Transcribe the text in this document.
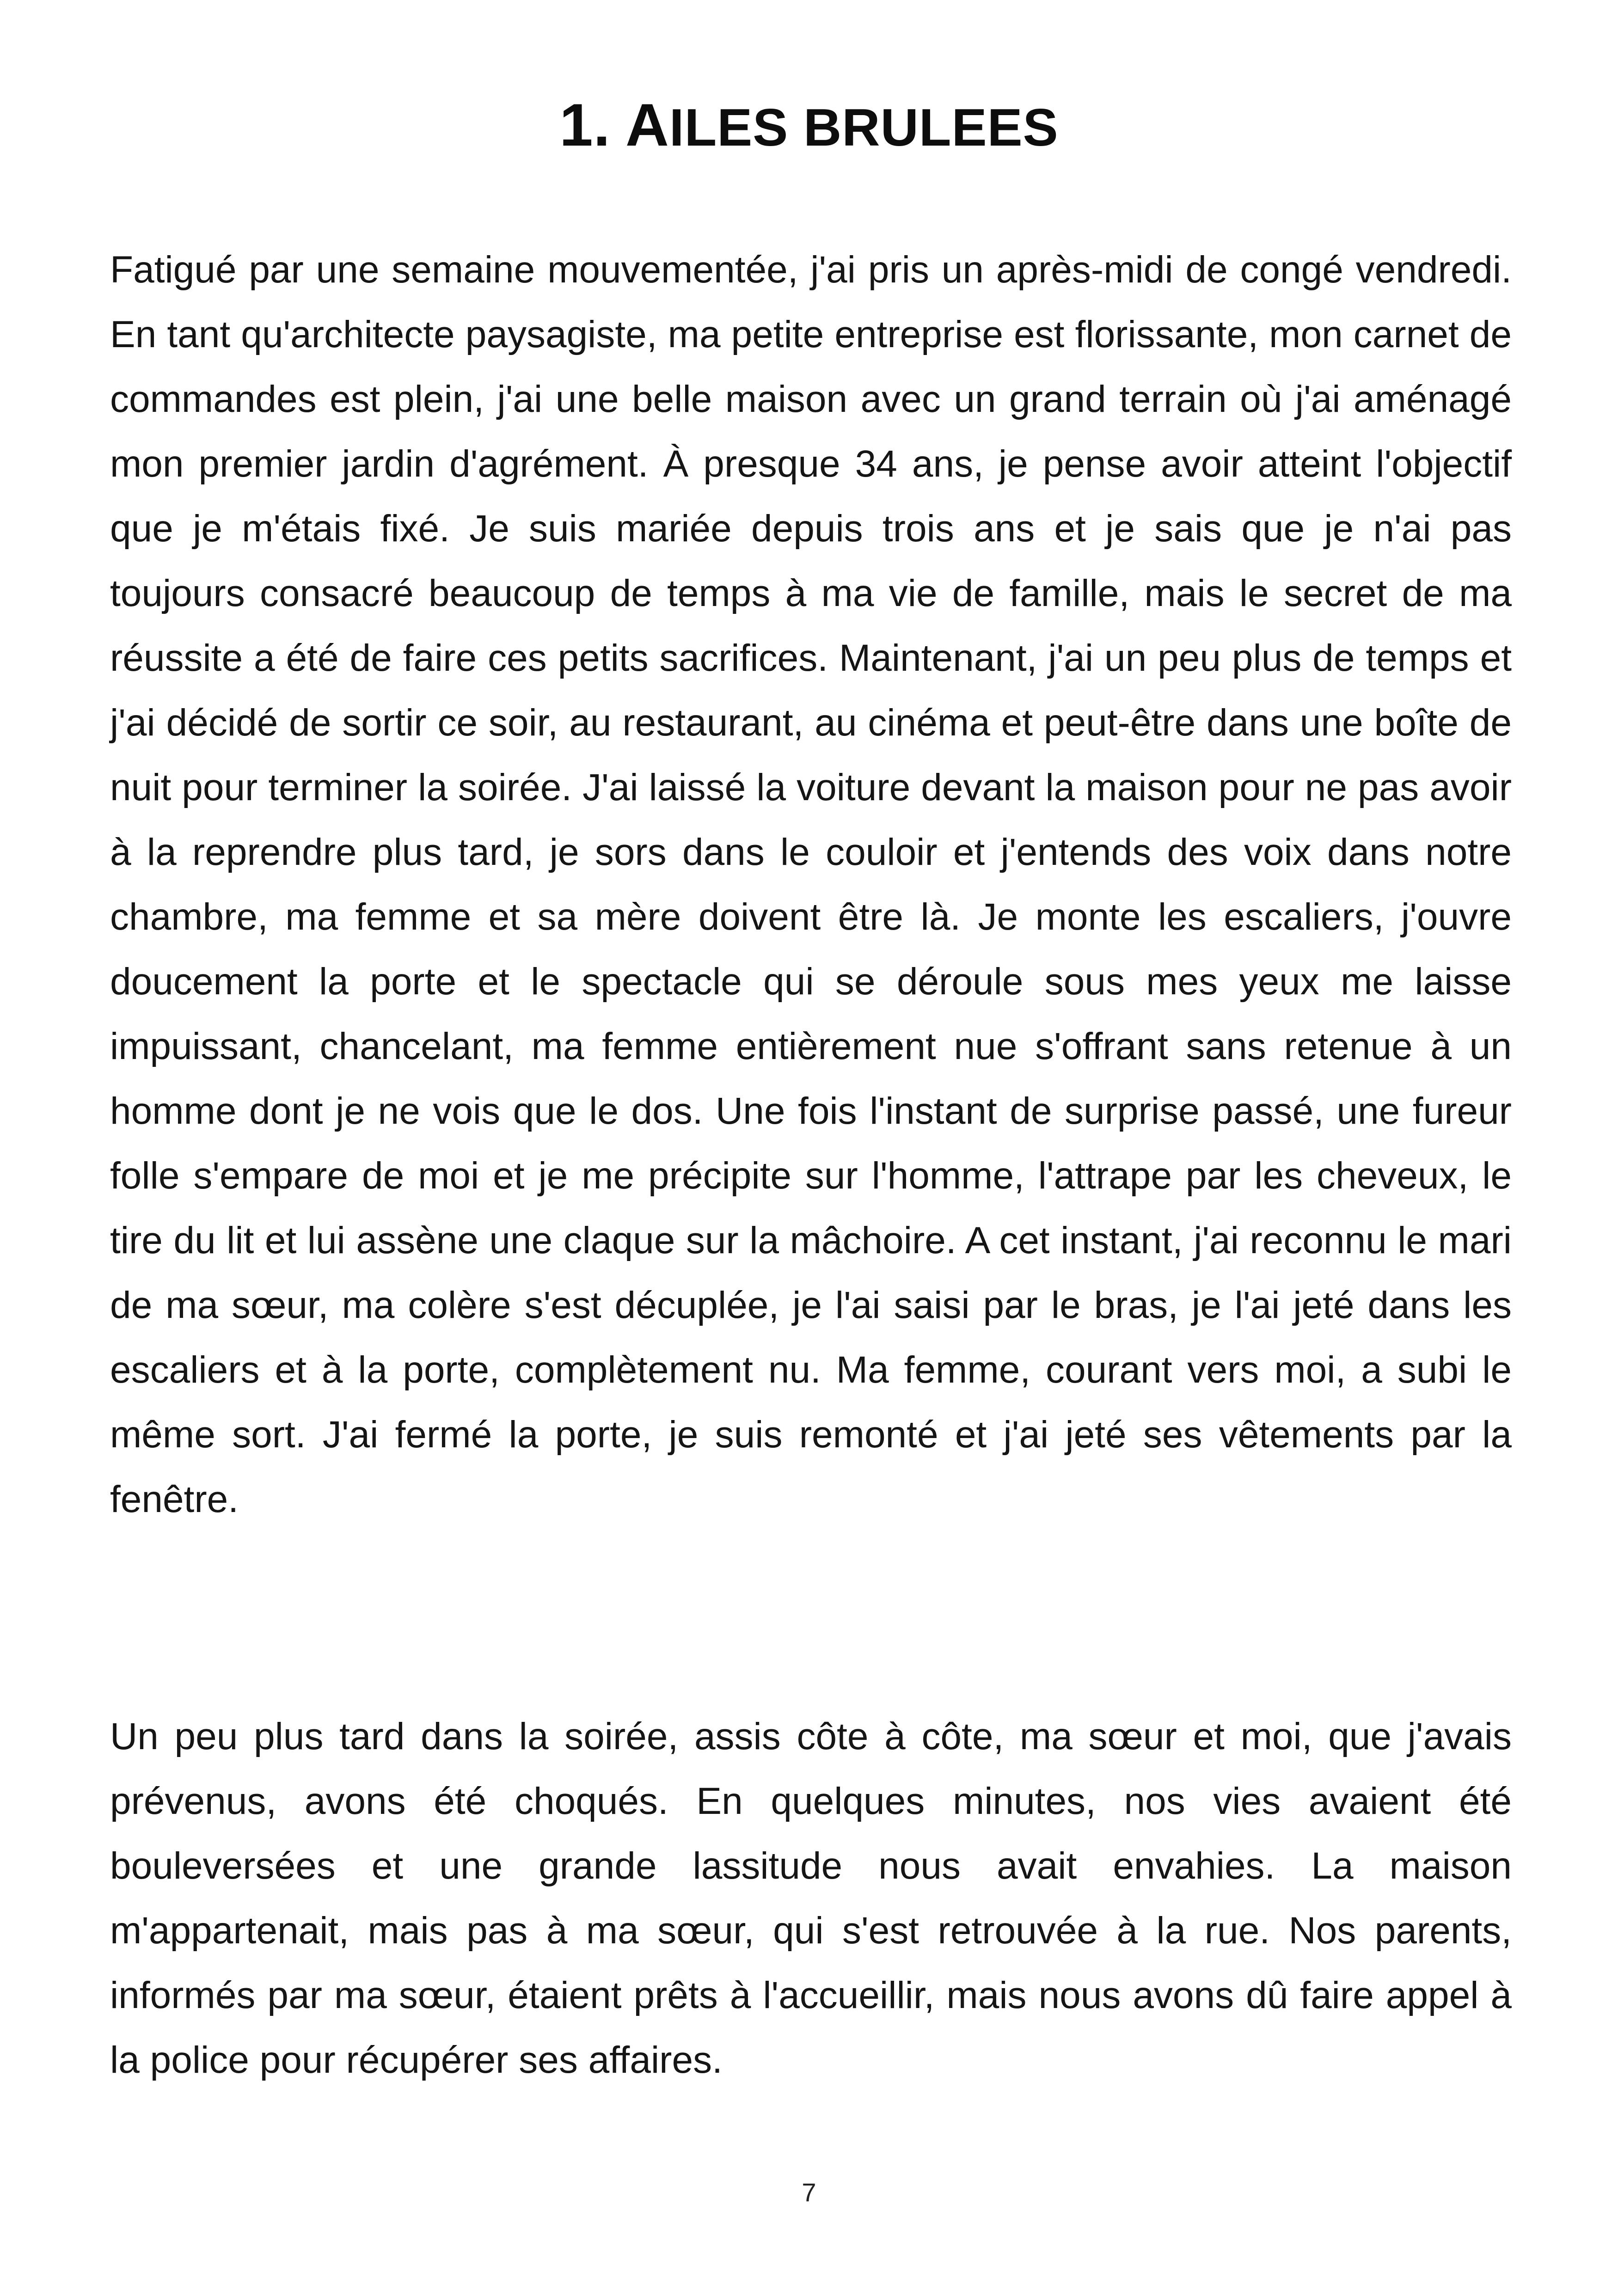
1. AILES BRULEES

Fatigué par une semaine mouvementée, j'ai pris un après-midi de congé vendredi. En tant qu'architecte paysagiste, ma petite entreprise est florissante, mon carnet de commandes est plein, j'ai une belle maison avec un grand terrain où j'ai aménagé mon premier jardin d'agrément. À presque 34 ans, je pense avoir atteint l'objectif que je m'étais fixé. Je suis mariée depuis trois ans et je sais que je n'ai pas toujours consacré beaucoup de temps à ma vie de famille, mais le secret de ma réussite a été de faire ces petits sacrifices. Maintenant, j'ai un peu plus de temps et j'ai décidé de sortir ce soir, au restaurant, au cinéma et peut-être dans une boîte de nuit pour terminer la soirée. J'ai laissé la voiture devant la maison pour ne pas avoir à la reprendre plus tard, je sors dans le couloir et j'entends des voix dans notre chambre, ma femme et sa mère doivent être là. Je monte les escaliers, j'ouvre doucement la porte et le spectacle qui se déroule sous mes yeux me laisse impuissant, chancelant, ma femme entièrement nue s'offrant sans retenue à un homme dont je ne vois que le dos. Une fois l'instant de surprise passé, une fureur folle s'empare de moi et je me précipite sur l'homme, l'attrape par les cheveux, le tire du lit et lui assène une claque sur la mâchoire. A cet instant, j'ai reconnu le mari de ma sœur, ma colère s'est décuplée, je l'ai saisi par le bras, je l'ai jeté dans les escaliers et à la porte, complètement nu. Ma femme, courant vers moi, a subi le même sort. J'ai fermé la porte, je suis remonté et j'ai jeté ses vêtements par la fenêtre.

Un peu plus tard dans la soirée, assis côte à côte, ma sœur et moi, que j'avais prévenus, avons été choqués. En quelques minutes, nos vies avaient été bouleversées et une grande lassitude nous avait envahies. La maison m'appartenait, mais pas à ma sœur, qui s'est retrouvée à la rue. Nos parents, informés par ma sœur, étaient prêts à l'accueillir, mais nous avons dû faire appel à la police pour récupérer ses affaires.

7
